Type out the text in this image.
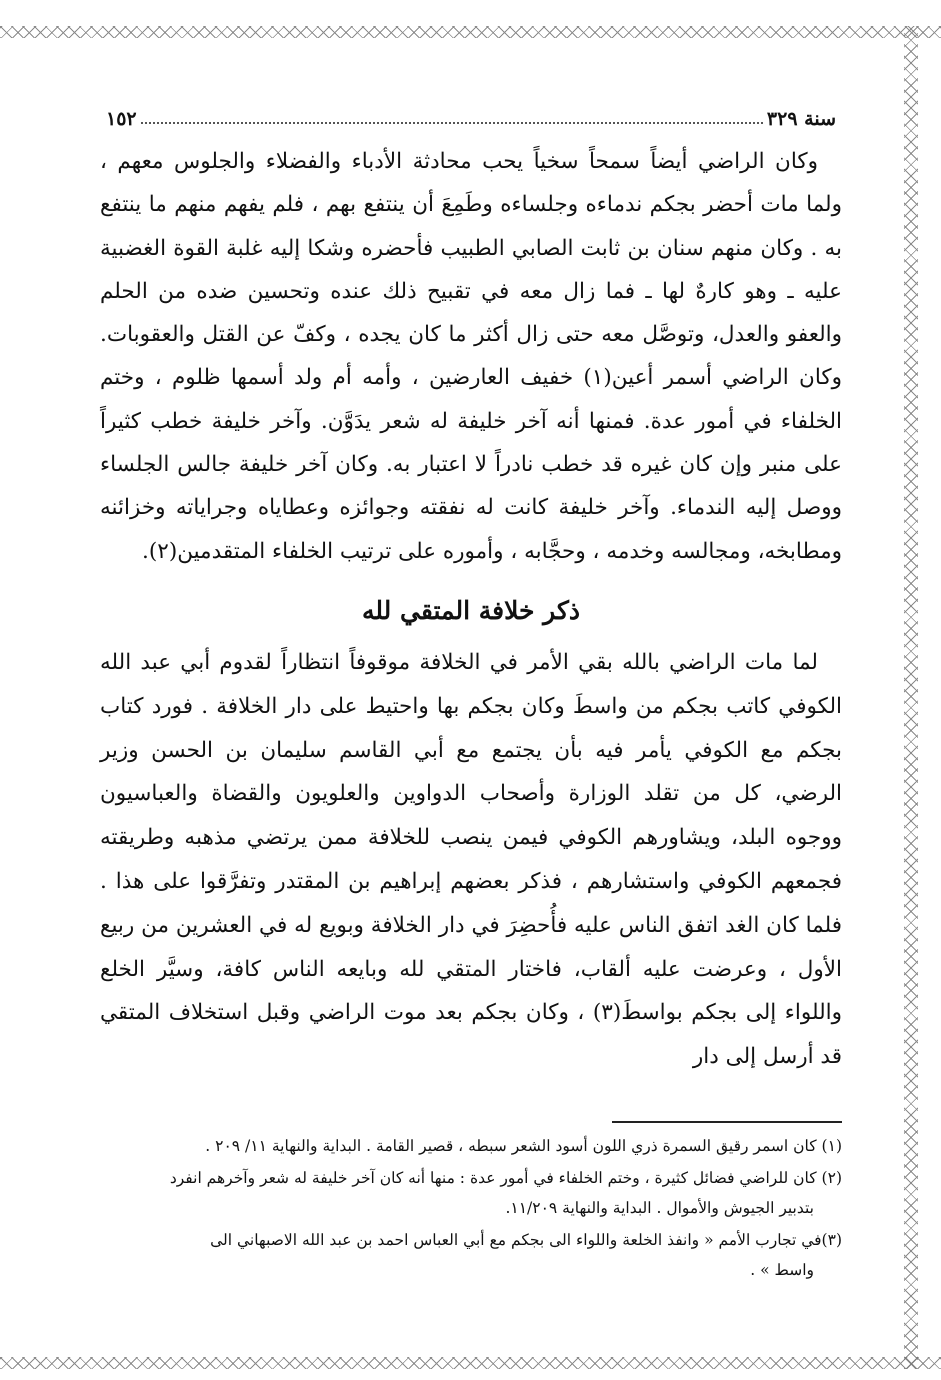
سنة ٣٢٩
١٥٢

وكان الراضي أيضاً سمحاً سخياً يحب محادثة الأدباء والفضلاء والجلوس معهم ، ولما مات أحضر بجكم ندماءه وجلساءه وطَمِعَ أن ينتفع بهم ، فلم يفهم منهم ما ينتفع به . وكان منهم سنان بن ثابت الصابي الطبيب فأحضره وشكا إليه غلبة القوة الغضبية عليه ـ وهو كارهٌ لها ـ فما زال معه في تقبيح ذلك عنده وتحسين ضده من الحلم والعفو والعدل، وتوصَّل معه حتى زال أكثر ما كان يجده ، وكفّ عن القتل والعقوبات. وكان الراضي أسمر أعين(١) خفيف العارضين ، وأمه أم ولد أسمها ظلوم ، وختم الخلفاء في أمور عدة. فمنها أنه آخر خليفة له شعر يدَوَّن. وآخر خليفة خطب كثيراً على منبر وإن كان غيره قد خطب نادراً لا اعتبار به. وكان آخر خليفة جالس الجلساء ووصل إليه الندماء. وآخر خليفة كانت له نفقته وجوائزه وعطاياه وجراياته وخزائنه ومطابخه، ومجالسه وخدمه ، وحجَّابه ، وأموره على ترتيب الخلفاء المتقدمين(٢).

ذكر خلافة المتقي لله

لما مات الراضي بالله بقي الأمر في الخلافة موقوفاً انتظاراً لقدوم أبي عبد الله الكوفي كاتب بجكم من واسطَ وكان بجكم بها واحتيط على دار الخلافة . فورد كتاب بجكم مع الكوفي يأمر فيه بأن يجتمع مع أبي القاسم سليمان بن الحسن وزير الرضي، كل من تقلد الوزارة وأصحاب الدواوين والعلويون والقضاة والعباسيون ووجوه البلد، ويشاورهم الكوفي فيمن ينصب للخلافة ممن يرتضي مذهبه وطريقته فجمعهم الكوفي واستشارهم ، فذكر بعضهم إبراهيم بن المقتدر وتفرَّقوا على هذا . فلما كان الغد اتفق الناس عليه فأُحضِرَ في دار الخلافة وبويع له في العشرين من ربيع الأول ، وعرضت عليه ألقاب، فاختار المتقي لله وبايعه الناس كافة، وسيَّر الخلع واللواء إلى بجكم بواسطَ(٣) ، وكان بجكم بعد موت الراضي وقبل استخلاف المتقي قد أرسل إلى دار

(١) كان اسمر رقيق السمرة ذري اللون أسود الشعر سبطه ، قصير القامة . البداية والنهاية ١١/ ٢٠٩ .
(٢) كان للراضي فضائل كثيرة ، وختم الخلفاء في أمور عدة : منها أنه كان آخر خليفة له شعر وآخرهم انفرد
بتدبير الجيوش والأموال . البداية والنهاية ١١/٢٠٩.
(٣)في تجارب الأمم « وانفذ الخلعة واللواء الى بجكم مع أبي العباس احمد بن عبد الله الاصبهاني الى
واسط » .
